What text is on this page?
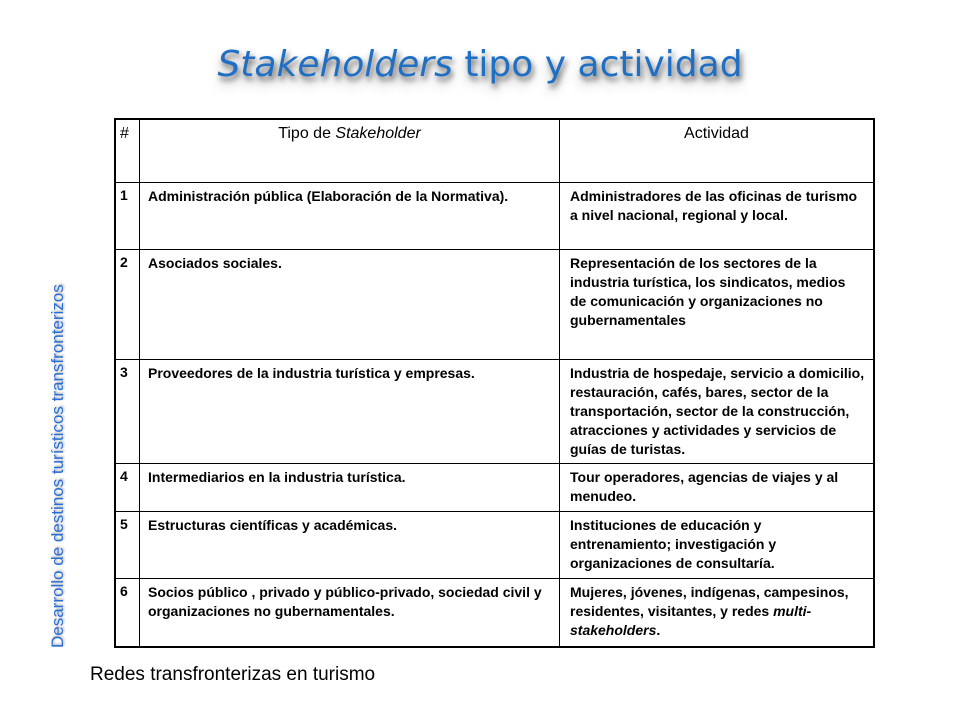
Stakeholders tipo y actividad
Desarrollo de destinos turísticos transfronterizos
#	Tipo de Stakeholder	Actividad
1	Administración pública (Elaboración de la Normativa).	Administradores de las oficinas de turismo a nivel nacional, regional y local.
2	Asociados sociales.	Representación de los sectores de la industria turística, los sindicatos, medios de comunicación y organizaciones no gubernamentales
3	Proveedores de la industria turística y empresas.	Industria de hospedaje, servicio a domicilio, restauración, cafés, bares, sector de la transportación, sector de la construcción, atracciones y actividades y servicios de guías de turistas.
4	Intermediarios en la industria turística.	Tour operadores, agencias de viajes y al menudeo.
5	Estructuras científicas y académicas.	Instituciones de educación y entrenamiento; investigación y organizaciones de consultaría.
6	Socios público , privado y público-privado, sociedad civil y organizaciones no gubernamentales.	Mujeres, jóvenes, indígenas, campesinos, residentes, visitantes, y redes multi-stakeholders.
Redes transfronterizas en turismo
